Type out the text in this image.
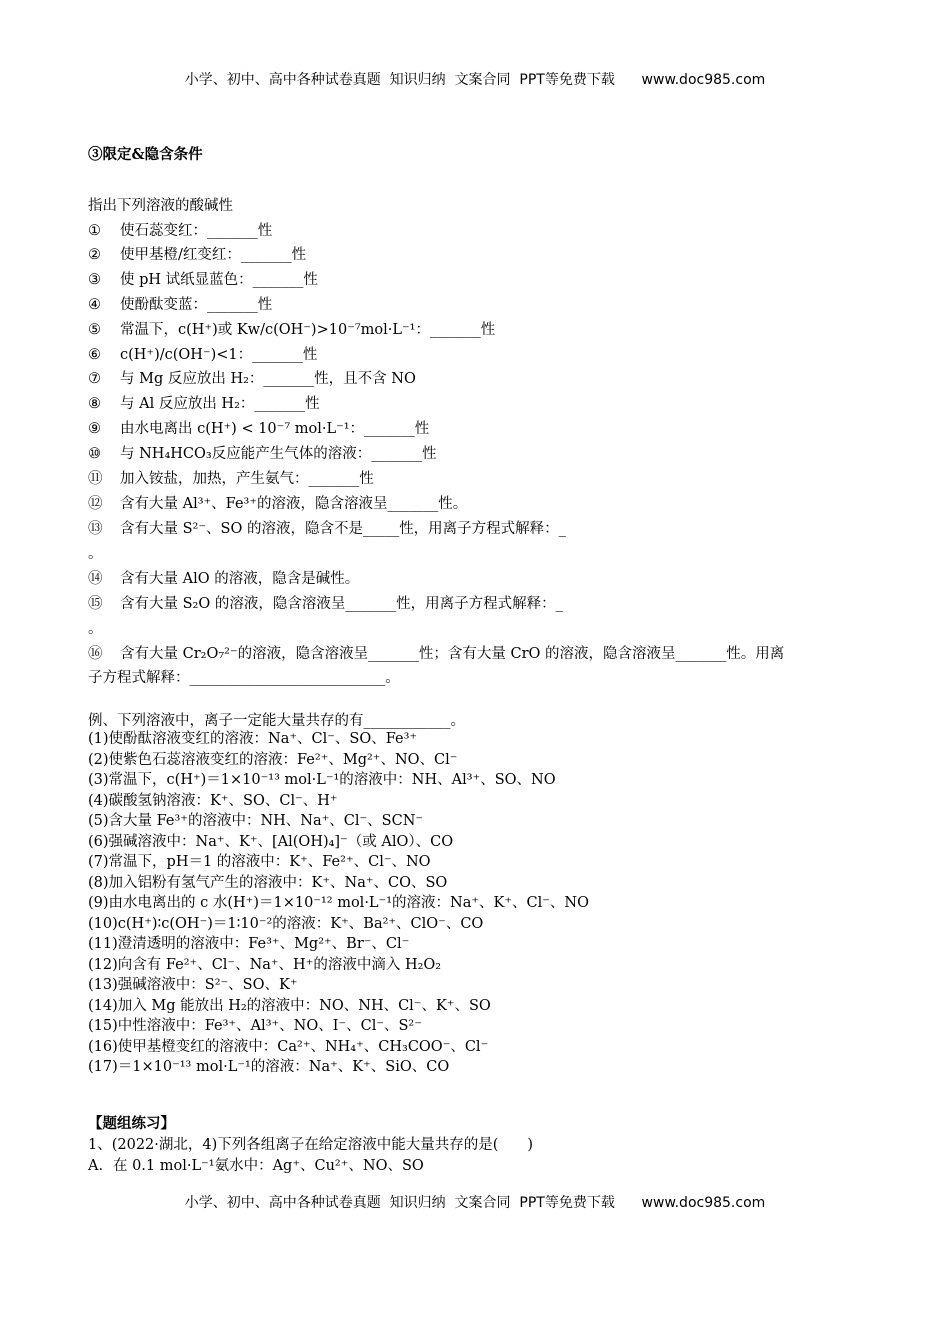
小学、初中、高中各种试卷真题  知识归纳  文案合同  PPT等免费下载      www.doc985.com
③限定&隐含条件
指出下列溶液的酸碱性
① 使石蕊变红：_______性
② 使甲基橙/红变红：_______性
③ 使 pH 试纸显蓝色：_______性
④ 使酚酞变蓝：_______性
⑤ 常温下，c(H⁺)或 Kw/c(OH⁻)>10⁻⁷mol·L⁻¹：_______性
⑥ c(H⁺)/c(OH⁻)<1：_______性
⑦ 与 Mg 反应放出 H₂：_______性，且不含 NO
⑧ 与 Al 反应放出 H₂：_______性
⑨ 由水电离出 c(H⁺) < 10⁻⁷ mol·L⁻¹：_______性
⑩ 与 NH₄HCO₃反应能产生气体的溶液：_______性
⑪ 加入铵盐，加热，产生氨气：_______性
⑫ 含有大量 Al³⁺、Fe³⁺的溶液，隐含溶液呈_______性。
⑬ 含有大量 S²⁻、SO 的溶液，隐含不是_____性，用离子方程式解释：_
。
⑭ 含有大量 AlO 的溶液，隐含是碱性。
⑮ 含有大量 S₂O 的溶液，隐含溶液呈_______性，用离子方程式解释：_
。
⑯ 含有大量 Cr₂O₇²⁻的溶液，隐含溶液呈_______性；含有大量 CrO 的溶液，隐含溶液呈_______性。用离
子方程式解释：___________________________。
例、下列溶液中，离子一定能大量共存的有____________。
(1)使酚酞溶液变红的溶液：Na⁺、Cl⁻、SO、Fe³⁺
(2)使紫色石蕊溶液变红的溶液：Fe²⁺、Mg²⁺、NO、Cl⁻
(3)常温下，c(H⁺)＝1×10⁻¹³ mol·L⁻¹的溶液中：NH、Al³⁺、SO、NO
(4)碳酸氢钠溶液：K⁺、SO、Cl⁻、H⁺
(5)含大量 Fe³⁺的溶液中：NH、Na⁺、Cl⁻、SCN⁻
(6)强碱溶液中：Na⁺、K⁺、[Al(OH)₄]⁻（或 AlO）、CO
(7)常温下，pH＝1 的溶液中：K⁺、Fe²⁺、Cl⁻、NO
(8)加入铝粉有氢气产生的溶液中：K⁺、Na⁺、CO、SO
(9)由水电离出的 c 水(H⁺)＝1×10⁻¹² mol·L⁻¹的溶液：Na⁺、K⁺、Cl⁻、NO
(10)c(H⁺)∶c(OH⁻)＝1∶10⁻²的溶液：K⁺、Ba²⁺、ClO⁻、CO
(11)澄清透明的溶液中：Fe³⁺、Mg²⁺、Br⁻、Cl⁻
(12)向含有 Fe²⁺、Cl⁻、Na⁺、H⁺的溶液中滴入 H₂O₂
(13)强碱溶液中：S²⁻、SO、K⁺
(14)加入 Mg 能放出 H₂的溶液中：NO、NH、Cl⁻、K⁺、SO
(15)中性溶液中：Fe³⁺、Al³⁺、NO、I⁻、Cl⁻、S²⁻
(16)使甲基橙变红的溶液中：Ca²⁺、NH₄⁺、CH₃COO⁻、Cl⁻
(17)＝1×10⁻¹³ mol·L⁻¹的溶液：Na⁺、K⁺、SiO、CO
【题组练习】
1、(2022·湖北，4)下列各组离子在给定溶液中能大量共存的是(　　)
A．在 0.1 mol·L⁻¹氨水中：Ag⁺、Cu²⁺、NO、SO
小学、初中、高中各种试卷真题  知识归纳  文案合同  PPT等免费下载      www.doc985.com
